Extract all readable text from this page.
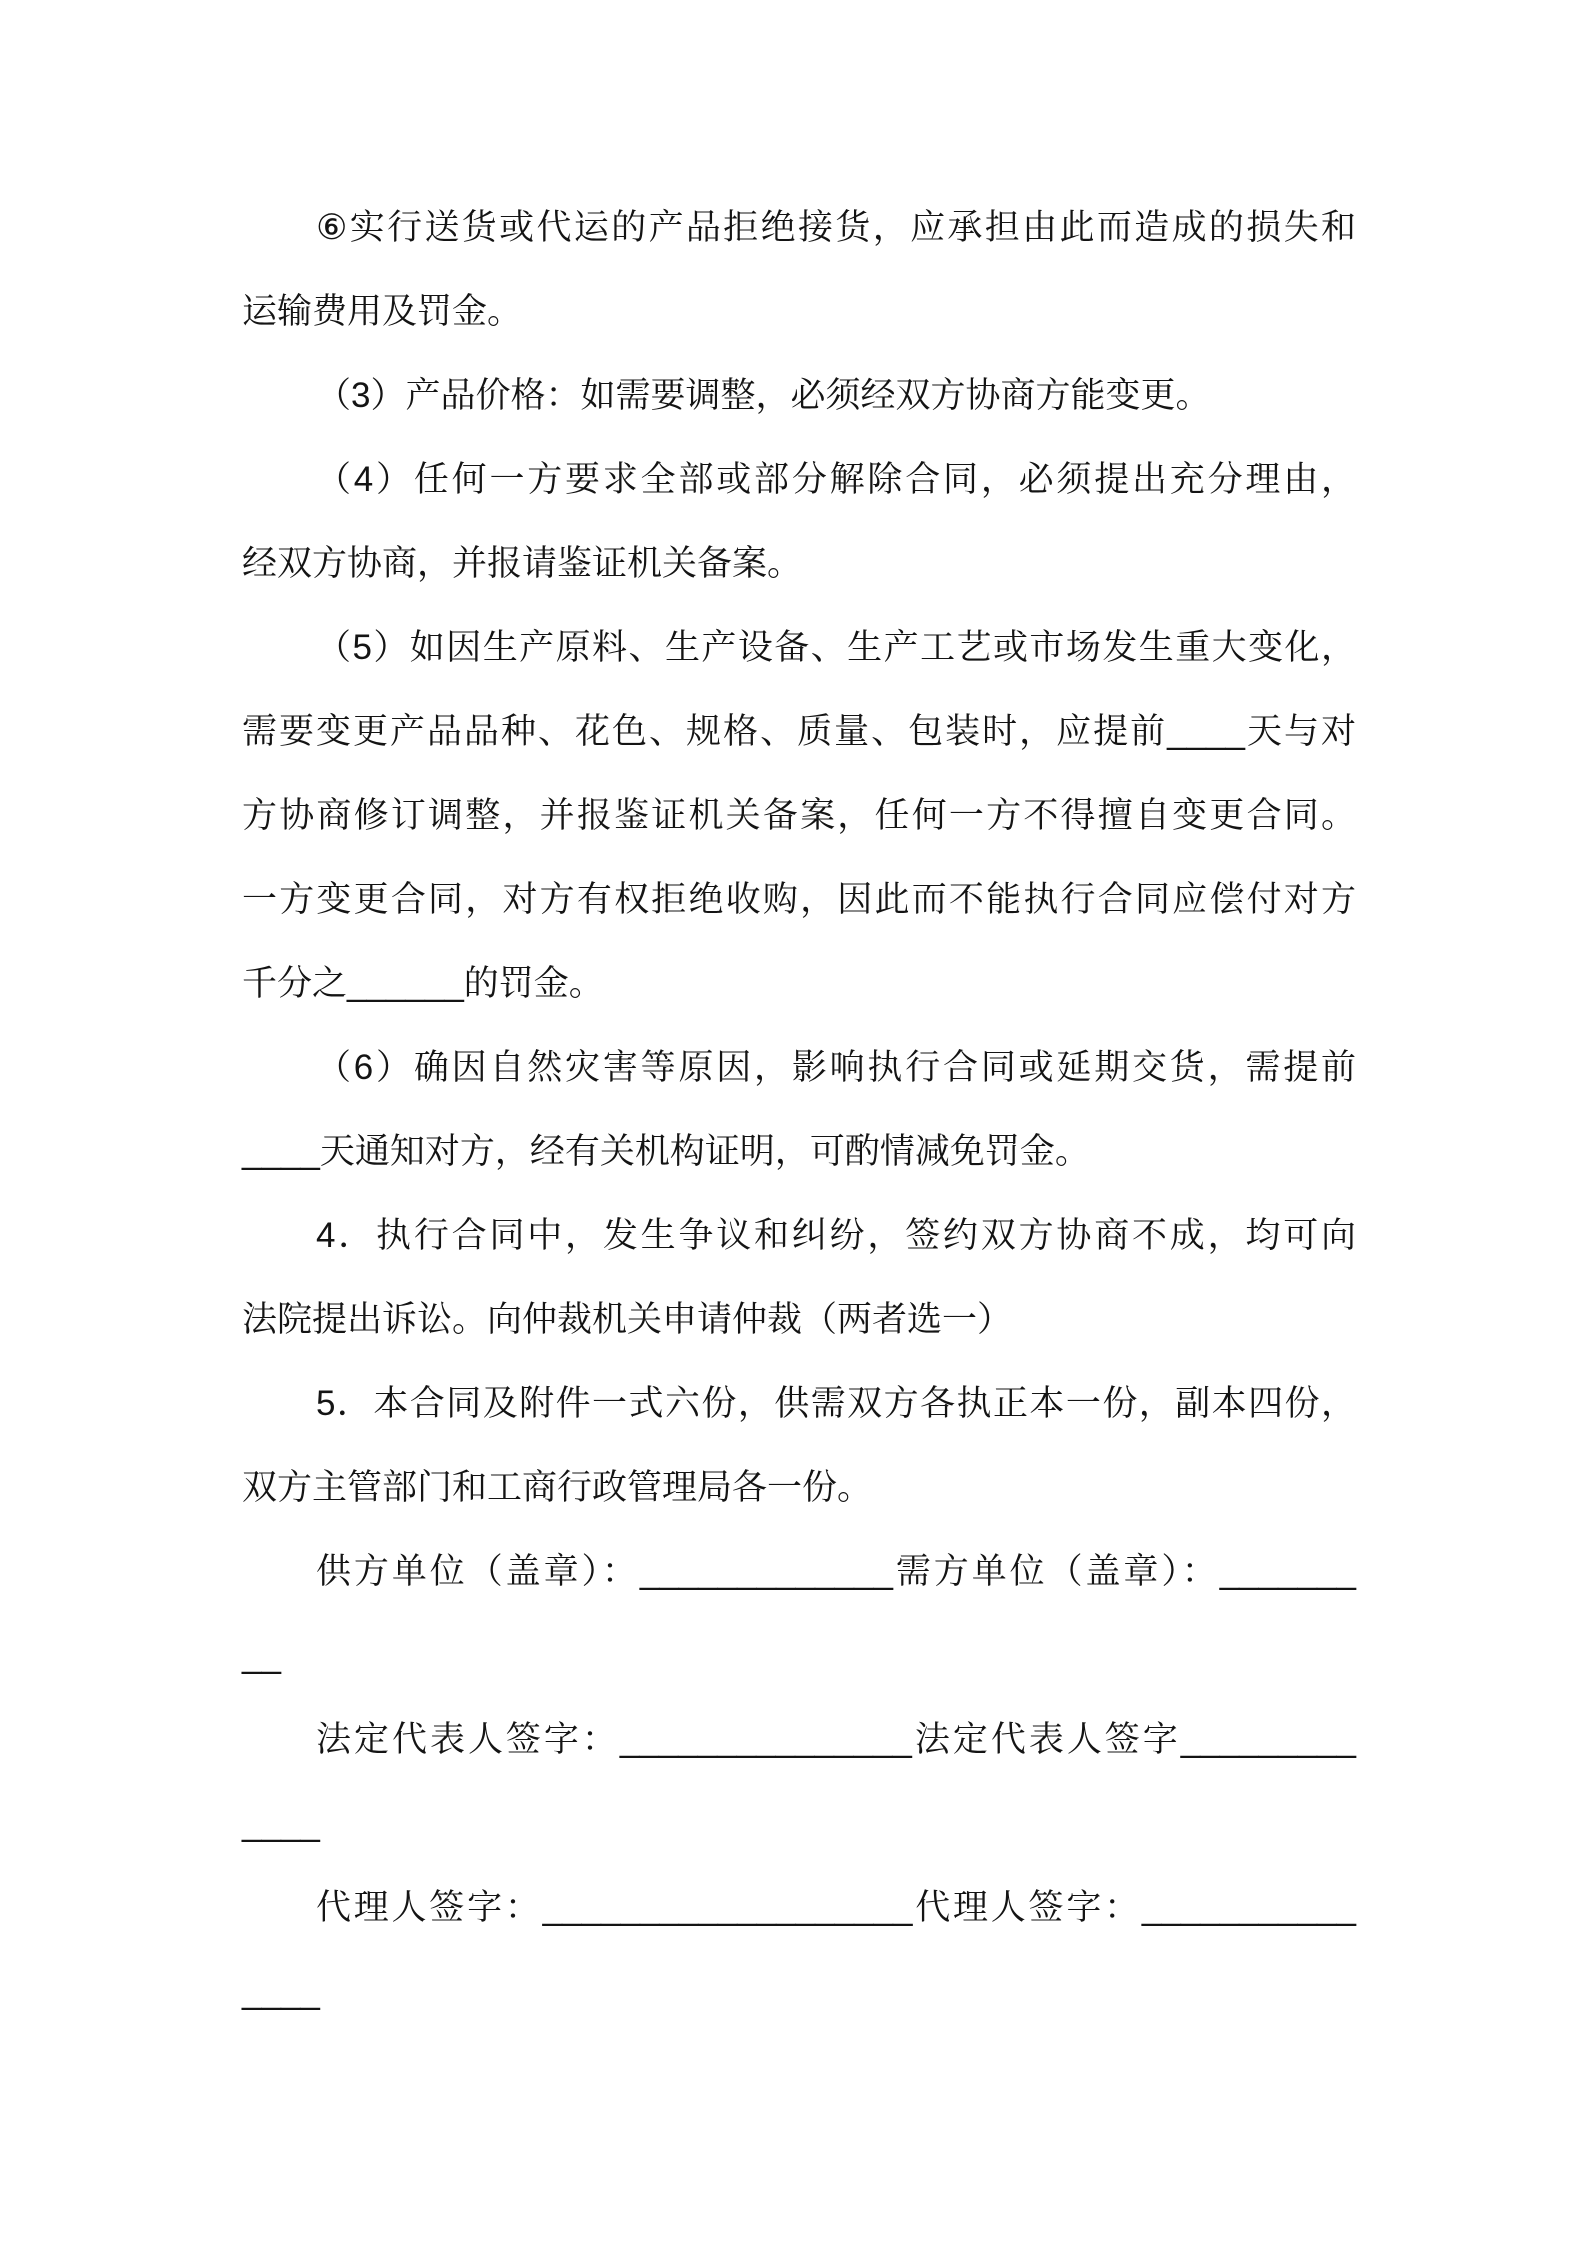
⑥实行送货或代运的产品拒绝接货，应承担由此而造成的损失和
运输费用及罚金。
（3）产品价格：如需要调整，必须经双方协商方能变更。
（4）任何一方要求全部或部分解除合同，必须提出充分理由，
经双方协商，并报请鉴证机关备案。
（5）如因生产原料、生产设备、生产工艺或市场发生重大变化，
需要变更产品品种、花色、规格、质量、包装时，应提前____天与对
方协商修订调整，并报鉴证机关备案，任何一方不得擅自变更合同。
一方变更合同，对方有权拒绝收购，因此而不能执行合同应偿付对方
千分之______的罚金。
（6）确因自然灾害等原因，影响执行合同或延期交货，需提前
____天通知对方，经有关机构证明，可酌情减免罚金。
4．执行合同中，发生争议和纠纷，签约双方协商不成，均可向
法院提出诉讼。向仲裁机关申请仲裁（两者选一）
5．本合同及附件一式六份，供需双方各执正本一份，副本四份，
双方主管部门和工商行政管理局各一份。
供方单位（盖章）：_____________需方单位（盖章）：_______
__
法定代表人签字：_______________法定代表人签字_________
____
代理人签字：___________________代理人签字：___________
____
